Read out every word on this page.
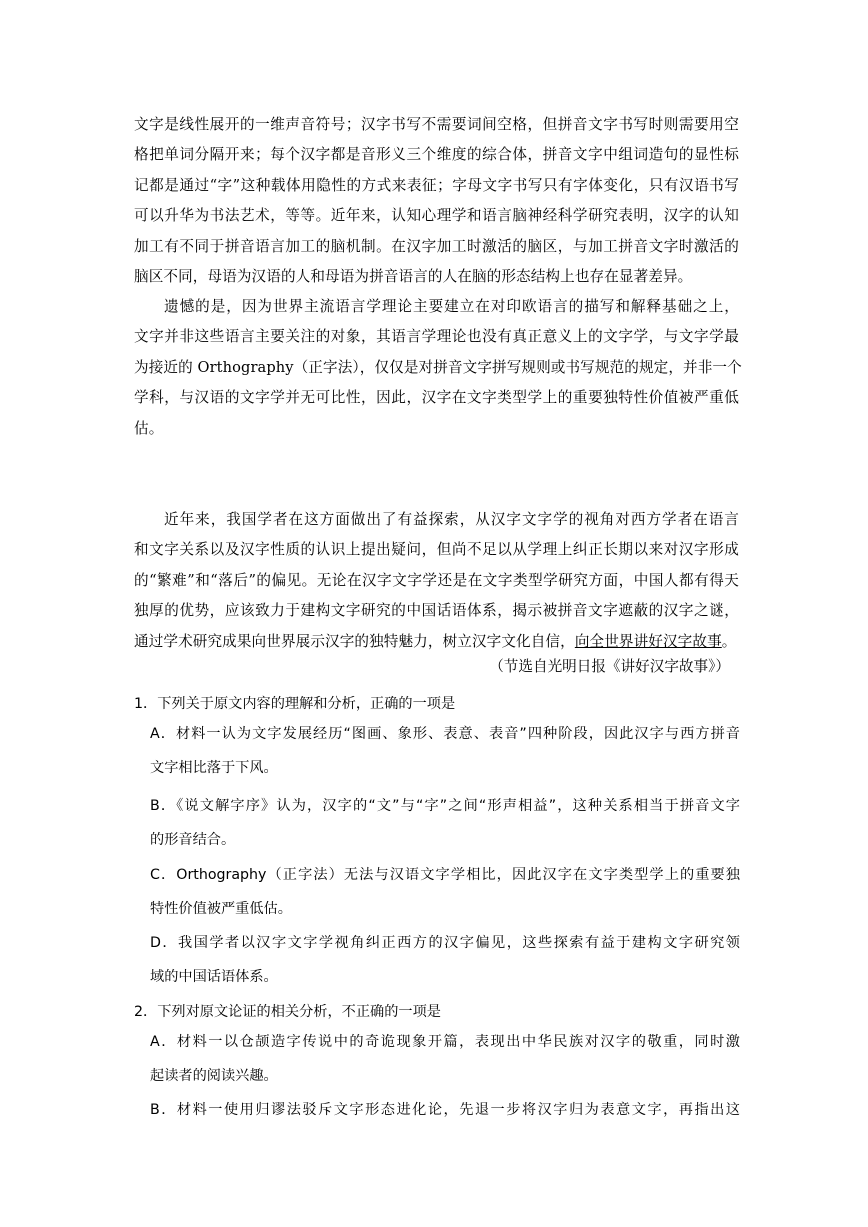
文字是线性展开的一维声音符号；汉字书写不需要词间空格，但拼音文字书写时则需要用空
格把单词分隔开来；每个汉字都是音形义三个维度的综合体，拼音文字中组词造句的显性标
记都是通过“字”这种载体用隐性的方式来表征；字母文字书写只有字体变化，只有汉语书写
可以升华为书法艺术，等等。近年来，认知心理学和语言脑神经科学研究表明，汉字的认知
加工有不同于拼音语言加工的脑机制。在汉字加工时激活的脑区，与加工拼音文字时激活的
脑区不同，母语为汉语的人和母语为拼音语言的人在脑的形态结构上也存在显著差异。
遗憾的是，因为世界主流语言学理论主要建立在对印欧语言的描写和解释基础之上，
文字并非这些语言主要关注的对象，其语言学理论也没有真正意义上的文字学，与文字学最
为接近的 Orthography（正字法），仅仅是对拼音文字拼写规则或书写规范的规定，并非一个
学科，与汉语的文字学并无可比性，因此，汉字在文字类型学上的重要独特性价值被严重低
估。
近年来，我国学者在这方面做出了有益探索，从汉字文字学的视角对西方学者在语言
和文字关系以及汉字性质的认识上提出疑问，但尚不足以从学理上纠正长期以来对汉字形成
的“繁难”和“落后”的偏见。无论在汉字文字学还是在文字类型学研究方面，中国人都有得天
独厚的优势，应该致力于建构文字研究的中国话语体系，揭示被拼音文字遮蔽的汉字之谜，
通过学术研究成果向世界展示汉字的独特魅力，树立汉字文化自信，向全世界讲好汉字故事。
（节选自光明日报《讲好汉字故事》）
1．下列关于原文内容的理解和分析，正确的一项是
A．材料一认为文字发展经历“图画、象形、表意、表音”四种阶段，因此汉字与西方拼音
文字相比落于下风。
B．《说文解字序》认为，汉字的“文”与“字”之间“形声相益”，这种关系相当于拼音文字
的形音结合。
C．Orthography（正字法）无法与汉语文字学相比，因此汉字在文字类型学上的重要独
特性价值被严重低估。
D．我国学者以汉字文字学视角纠正西方的汉字偏见，这些探索有益于建构文字研究领
域的中国话语体系。
2．下列对原文论证的相关分析，不正确的一项是
A．材料一以仓颉造字传说中的奇诡现象开篇，表现出中华民族对汉字的敬重，同时激
起读者的阅读兴趣。
B．材料一使用归谬法驳斥文字形态进化论，先退一步将汉字归为表意文字，再指出这
